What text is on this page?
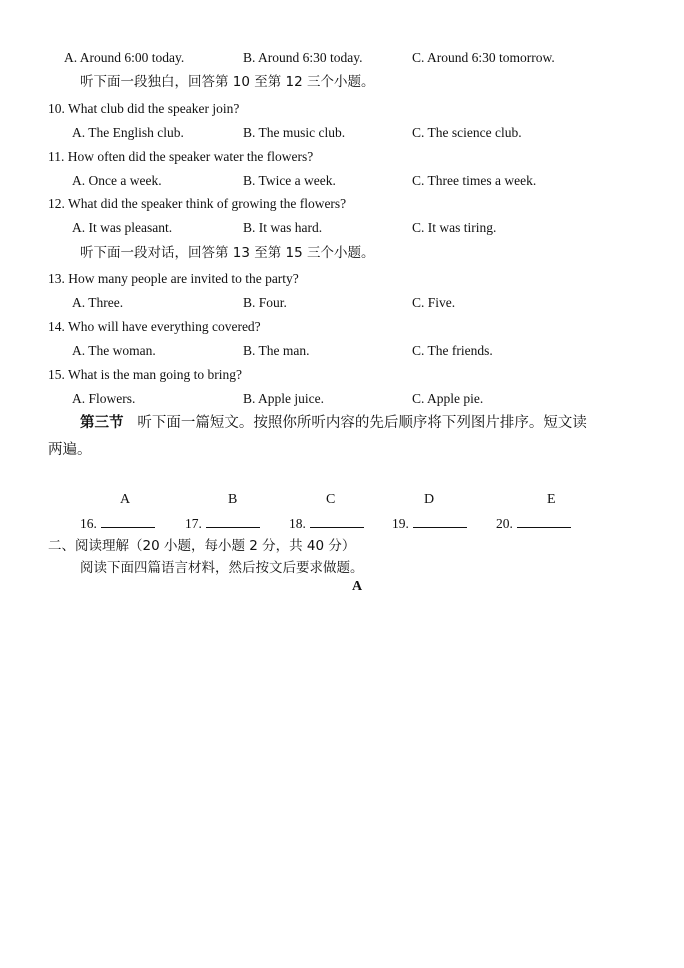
A. Around 6:00 today.	B. Around 6:30 today.	C. Around 6:30 tomorrow.
听下面一段独白，回答第 10 至第 12 三个小题。
10. What club did the speaker join?
A. The English club.	B. The music club.	C. The science club.
11. How often did the speaker water the flowers?
A. Once a week.	B. Twice a week.	C. Three times a week.
12. What did the speaker think of growing the flowers?
A. It was pleasant.	B. It was hard.	C. It was tiring.
听下面一段对话，回答第 13 至第 15 三个小题。
13. How many people are invited to the party?
A. Three.	B. Four.	C. Five.
14. Who will have everything covered?
A. The woman.	B. The man.	C. The friends.
15. What is the man going to bring?
A. Flowers.	B. Apple juice.	C. Apple pie.
第三节 听下面一篇短文。按照你所听内容的先后顺序将下列图片排序。短文读
两遍。
A	B	C	D	E
16.	17.	18.	19.	20.
二、阅读理解（20 小题，每小题 2 分，共 40 分）
阅读下面四篇语言材料，然后按文后要求做题。
A
